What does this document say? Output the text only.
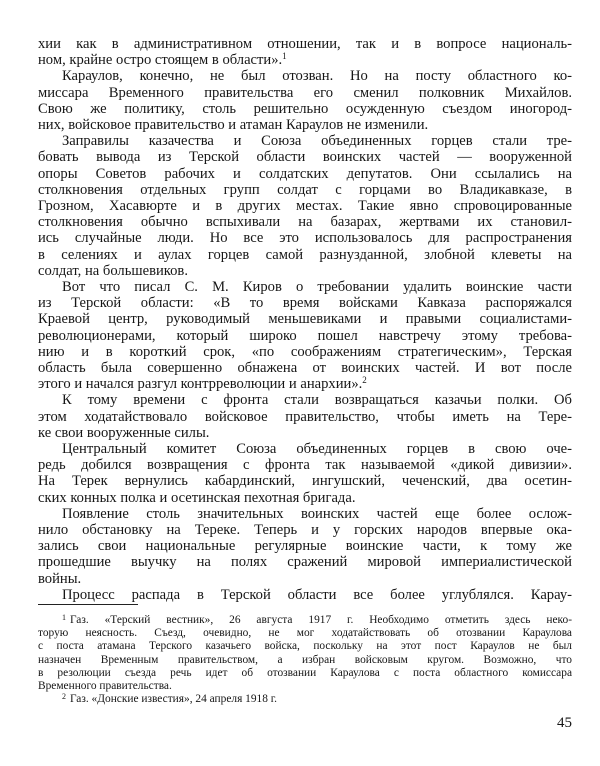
хии как в административном отношении, так и в вопросе националь-
ном, крайне остро стоящем в области».$^1$
Караулов, конечно, не был отозван. Но на посту областного ко-
миссара Временного правительства его сменил полковник Михайлов.
Свою же политику, столь решительно осужденную съездом иногород-
них, войсковое правительство и атаман Караулов не изменили.
Заправилы казачества и Союза объединенных горцев стали тре-
бовать вывода из Терской области воинских частей — вооруженной
опоры Советов рабочих и солдатских депутатов. Они ссылались на
столкновения отдельных групп солдат с горцами во Владикавказе, в
Грозном, Хасавюрте и в других местах. Такие явно спровоцированные
столкновения обычно вспыхивали на базарах, жертвами их становил-
ись случайные люди. Но все это использовалось для распространения
в селениях и аулах горцев самой разнузданной, злобной клеветы на
солдат, на большевиков.
Вот что писал С. М. Киров о требовании удалить воинские части
из Терской области: «В то время войсками Кавказа распоряжался
Краевой центр, руководимый меньшевиками и правыми социалистами-
революционерами, который широко пошел навстречу этому требова-
нию и в короткий срок, «по соображениям стратегическим», Терская
область была совершенно обнажена от воинских частей. И вот после
этого и начался разгул контрреволюции и анархии».$^2$
К тому времени с фронта стали возвращаться казачьи полки. Об
этом ходатайствовало войсковое правительство, чтобы иметь на Тере-
ке свои вооруженные силы.
Центральный комитет Союза объединенных горцев в свою оче-
редь добился возвращения с фронта так называемой «дикой дивизии».
На Терек вернулись кабардинский, ингушский, чеченский, два осетин-
ских конных полка и осетинская пехотная бригада.
Появление столь значительных воинских частей еще более ослож-
нило обстановку на Тереке. Теперь и у горских народов впервые ока-
зались свои национальные регулярные воинские части, к тому же
прошедшие выучку на полях сражений мировой империалистической
войны.
Процесс распада в Терской области все более углублялся. Карау-
$^1$ Газ. «Терский вестник», 26 августа 1917 г. Необходимо отметить здесь неко-
торую неясность. Съезд, очевидно, не мог ходатайствовать об отозвании Караулова
с поста атамана Терского казачьего войска, поскольку на этот пост Караулов не был
назначен Временным правительством, а избран войсковым кругом. Возможно, что
в резолюции съезда речь идет об отозвании Караулова с поста областного комиссара
Временного правительства.
$^2$ Газ. «Донские известия», 24 апреля 1918 г.
45
